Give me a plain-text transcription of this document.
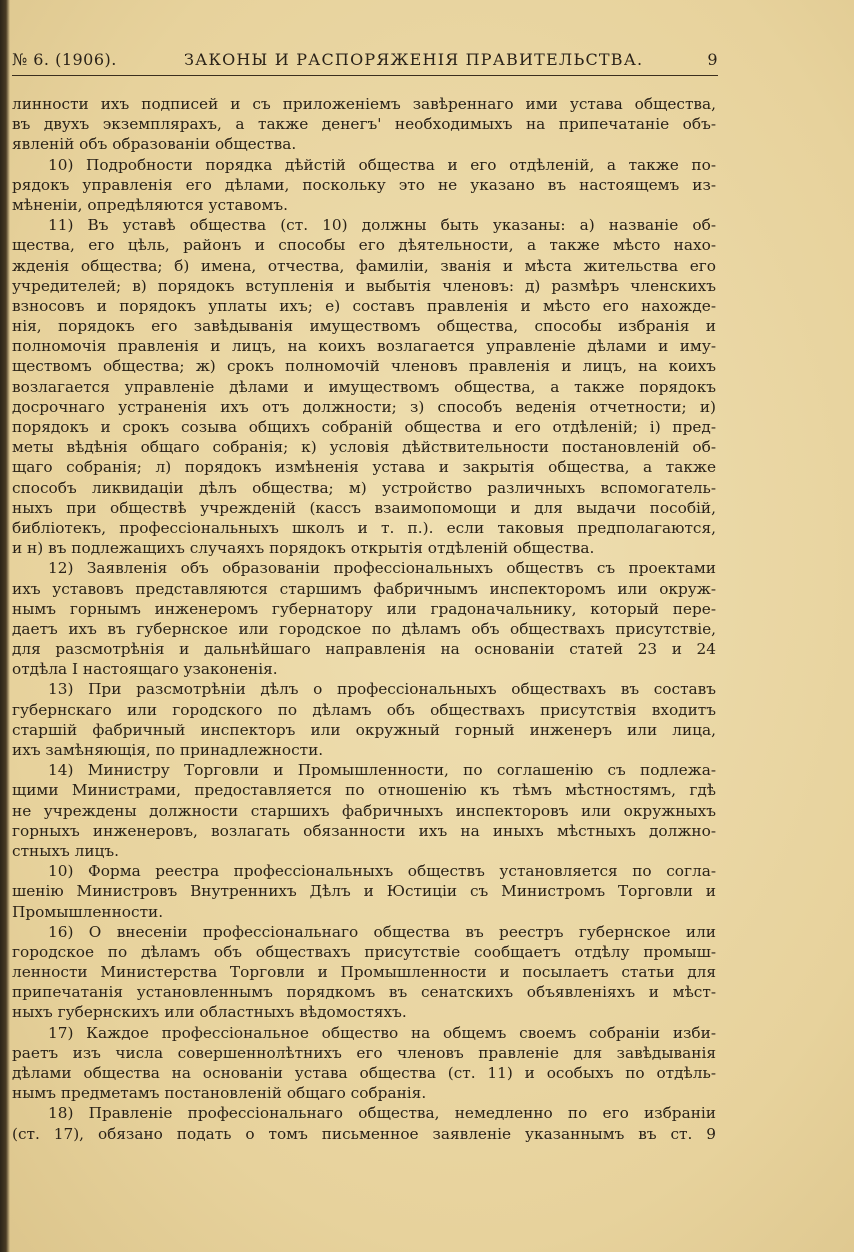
№ 6. (1906).	ЗАКОНЫ И РАСПОРЯЖЕНІЯ ПРАВИТЕЛЬСТВА.	9
линности ихъ подписей и съ приложеніемъ завѣреннаго ими устава общества,
въ двухъ экземплярахъ, а также денегъ' необходимыхъ на припечатаніе объ-
явленій объ образованіи общества.
10) Подробности порядка дѣйстій общества и его отдѣленій, а также по-
рядокъ управленія его дѣлами, поскольку это не указано въ настоящемъ из-
мѣненіи, опредѣляются уставомъ.
11) Въ уставѣ общества (ст. 10) должны быть указаны: а) названіе об-
щества, его цѣль, районъ и способы его дѣятельности, а также мѣсто нахо-
жденія общества; б) имена, отчества, фамиліи, званія и мѣста жительства его
учредителей; в) порядокъ вступленія и выбытія членовъ: д) размѣръ членскихъ
взносовъ и порядокъ уплаты ихъ; е) составъ правленія и мѣсто его нахожде-
нія, порядокъ его завѣдыванія имуществомъ общества, способы избранія и
полномочія правленія и лицъ, на коихъ возлагается управленіе дѣлами и иму-
ществомъ общества; ж) срокъ полномочій членовъ правленія и лицъ, на коихъ
возлагается управленіе дѣлами и имуществомъ общества, а также порядокъ
досрочнаго устраненія ихъ отъ должности; з) способъ веденія отчетности; и)
порядокъ и срокъ созыва общихъ собраній общества и его отдѣленій; і) пред-
меты вѣдѣнія общаго собранія; к) условія дѣйствительности постановленій об-
щаго собранія; л) порядокъ измѣненія устава и закрытія общества, а также
способъ ликвидаціи дѣлъ общества; м) устройство различныхъ вспомогатель-
ныхъ при обществѣ учрежденій (кассъ взаимопомощи и для выдачи пособій,
библіотекъ, профессіональныхъ школъ и т. п.). если таковыя предполагаются,
и н) въ подлежащихъ случаяхъ порядокъ открытія отдѣленій общества.
12) Заявленія объ образованіи профессіональныхъ обществъ съ проектами
ихъ уставовъ представляются старшимъ фабричнымъ инспекторомъ или окруж-
нымъ горнымъ инженеромъ губернатору или градоначальнику, который пере-
даетъ ихъ въ губернское или городское по дѣламъ объ обществахъ присутствіе,
для разсмотрѣнія и дальнѣйшаго направленія на основаніи статей 23 и 24
отдѣла I настоящаго узаконенія.
13) При разсмотрѣніи дѣлъ о профессіональныхъ обществахъ въ составъ
губернскаго или городского по дѣламъ объ обществахъ присутствія входитъ
старшій фабричный инспекторъ или окружный горный инженеръ или лица,
ихъ замѣняющія, по принадлежности.
14) Министру Торговли и Промышленности, по соглашенію съ подлежа-
щими Министрами, предоставляется по отношенію къ тѣмъ мѣстностямъ, гдѣ
не учреждены должности старшихъ фабричныхъ инспекторовъ или окружныхъ
горныхъ инженеровъ, возлагать обязанности ихъ на иныхъ мѣстныхъ должно-
стныхъ лицъ.
10) Форма реестра профессіональныхъ обществъ установляется по согла-
шенію Министровъ Внутреннихъ Дѣлъ и Юстиціи съ Министромъ Торговли и
Промышленности.
16) О внесеніи профессіональнаго общества въ реестръ губернское или
городское по дѣламъ объ обществахъ присутствіе сообщаетъ отдѣлу промыш-
ленности Министерства Торговли и Промышленности и посылаетъ статьи для
припечатанія установленнымъ порядкомъ въ сенатскихъ объявленіяхъ и мѣст-
ныхъ губернскихъ или областныхъ вѣдомостяхъ.
17) Каждое профессіональное общество на общемъ своемъ собраніи изби-
раетъ изъ числа совершеннолѣтнихъ его членовъ правленіе для завѣдыванія
дѣлами общества на основаніи устава общества (ст. 11) и особыхъ по отдѣль-
нымъ предметамъ постановленій общаго собранія.
18) Правленіе профессіональнаго общества, немедленно по его избраніи
(ст. 17), обязано подать о томъ письменное заявленіе указаннымъ въ ст. 9
